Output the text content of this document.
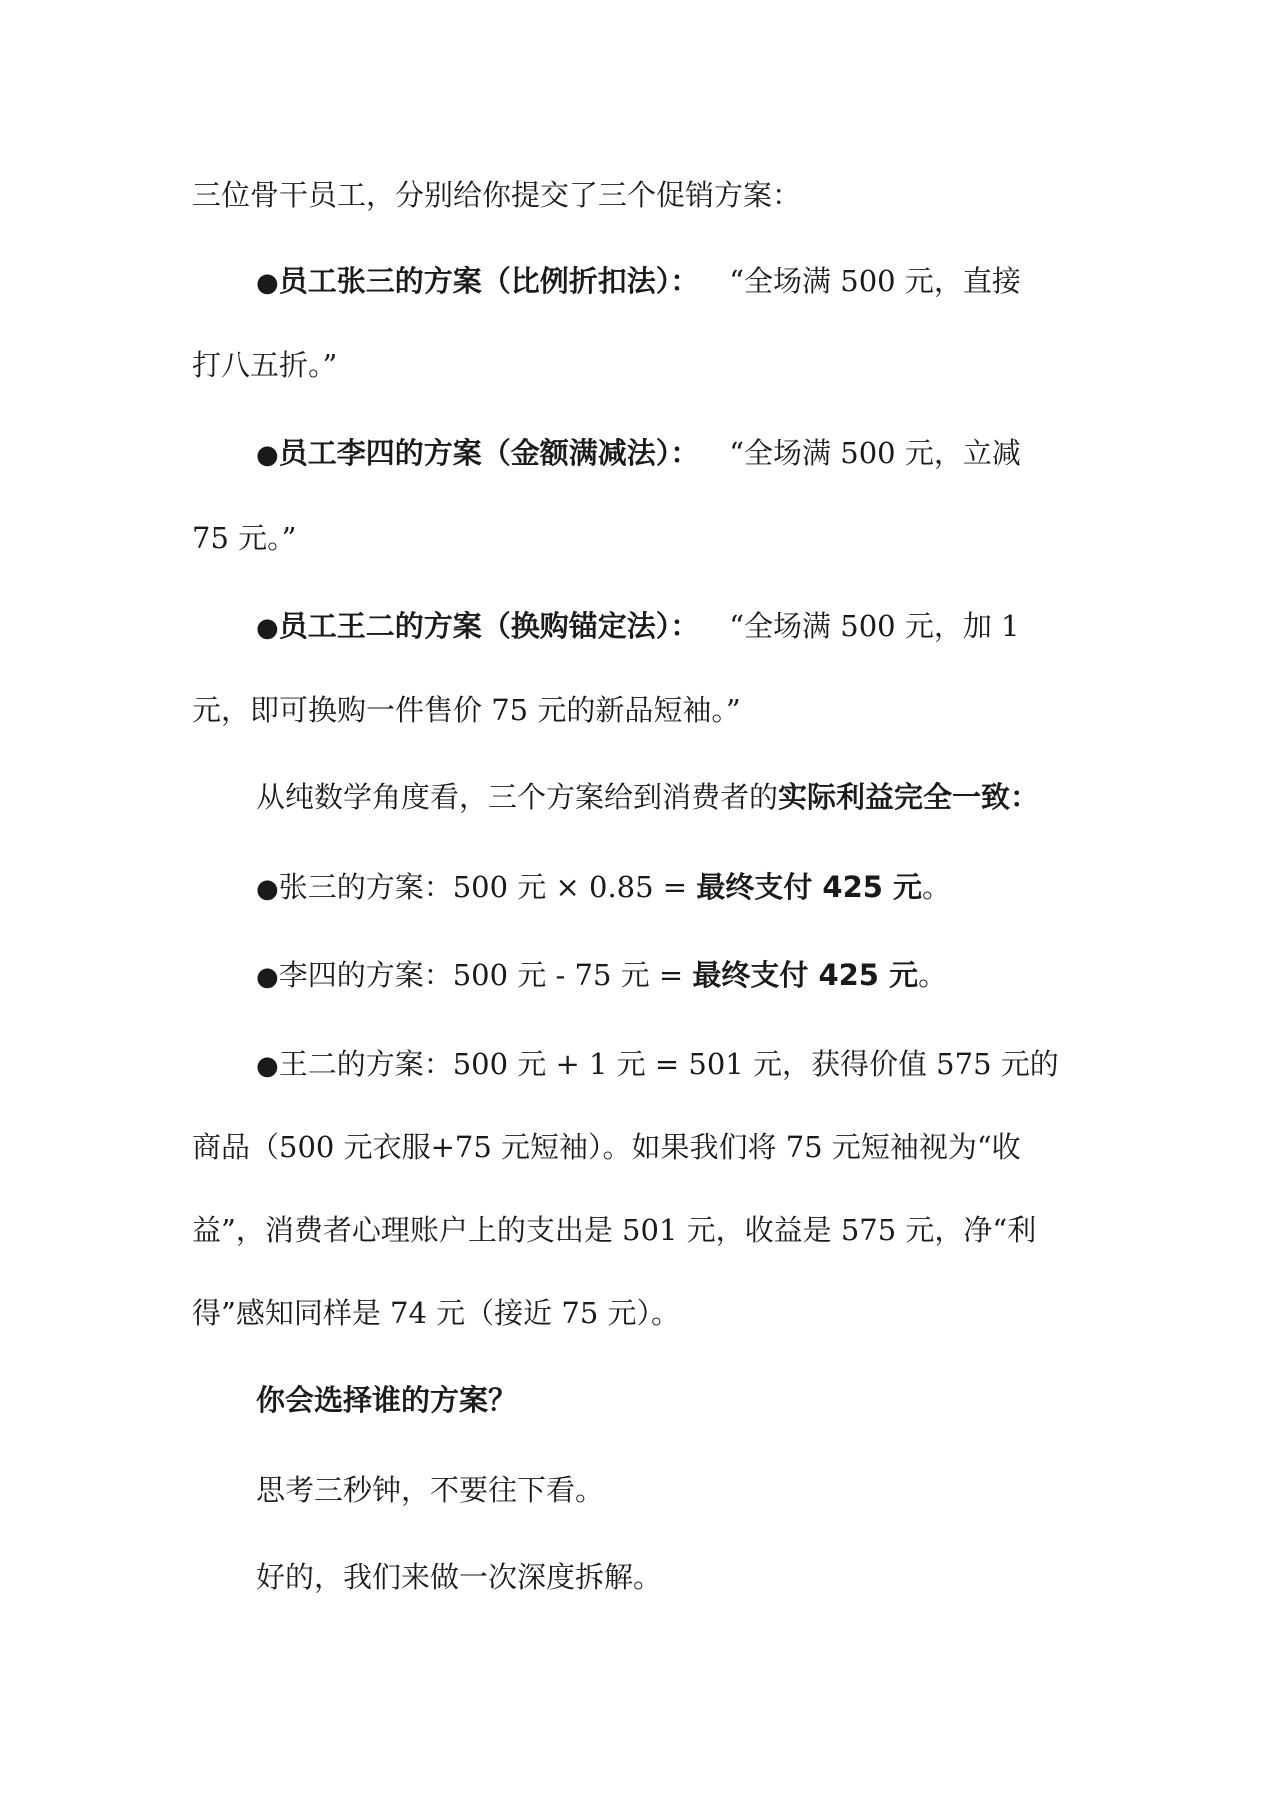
三位骨干员工，分别给你提交了三个促销方案：
●员工张三的方案（比例折扣法）： “全场满 500 元，直接
打八五折。”
●员工李四的方案（金额满减法）： “全场满 500 元，立减
75 元。”
●员工王二的方案（换购锚定法）： “全场满 500 元，加 1
元，即可换购一件售价 75 元的新品短袖。”
从纯数学角度看，三个方案给到消费者的实际利益完全一致：
●张三的方案：500 元 × 0.85 = 最终支付 425 元。
●李四的方案：500 元 - 75 元 = 最终支付 425 元。
●王二的方案：500 元 + 1 元 = 501 元，获得价值 575 元的
商品（500 元衣服+75 元短袖）。如果我们将 75 元短袖视为“收
益”，消费者心理账户上的支出是 501 元，收益是 575 元，净“利
得”感知同样是 74 元（接近 75 元）。
你会选择谁的方案？
思考三秒钟，不要往下看。
好的，我们来做一次深度拆解。
